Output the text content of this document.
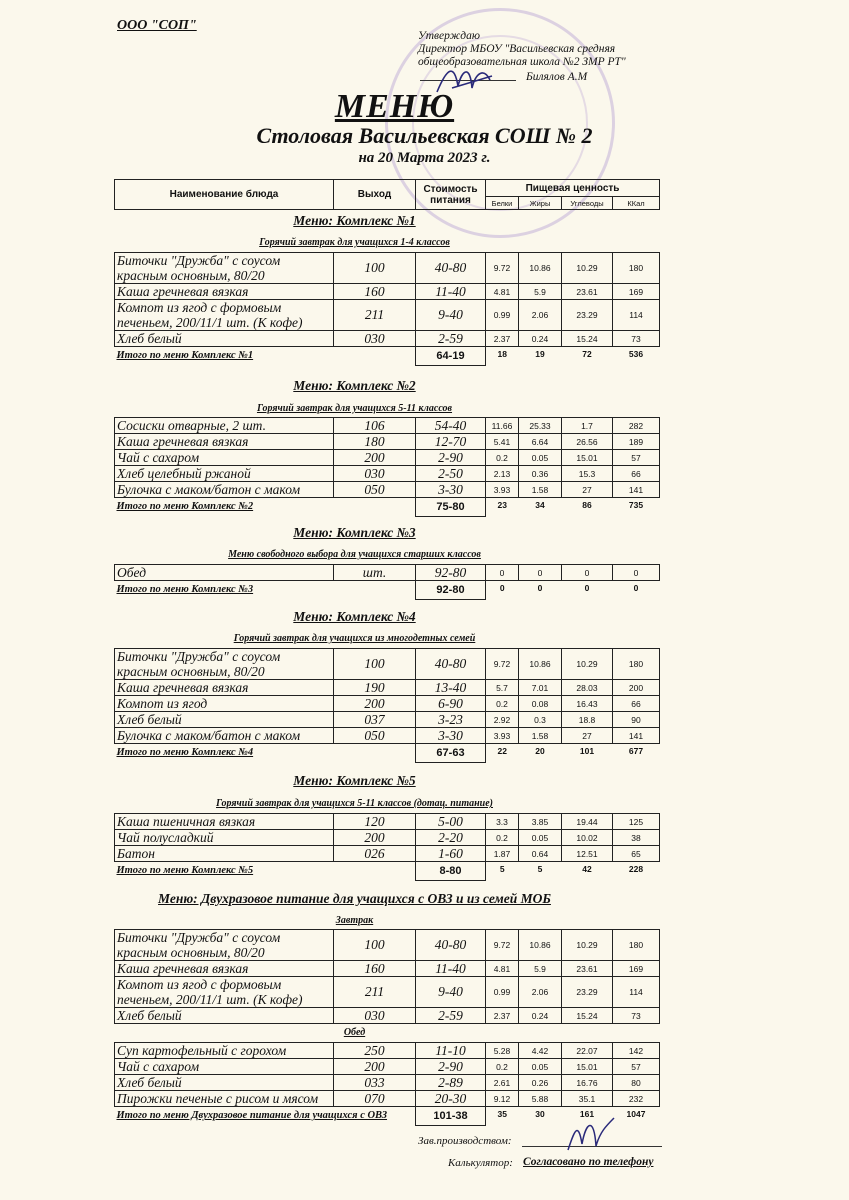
ООО "СОП"
Утверждаю
Директор МБОУ "Васильевская средняя
общеобразовательная школа №2 ЗМР РТ"
Билялов А.М
МЕНЮ
Столовая Васильевская СОШ № 2
на 20 Марта 2023 г.
Наименование блюда	Выход	Стоимость питания	Пищевая ценность			
			Белки	Жиры	Углеводы	ККал
Меню: Комплекс №1
Горячий завтрак для учащихся 1-4 классов
Биточки "Дружба" с соусом красным основным, 80/20	100	40-80	9.72	10.86	10.29	180
Каша гречневая вязкая	160	11-40	4.81	5.9	23.61	169
Компот из ягод с формовым печеньем, 200/11/1 шт. (К кофе)	211	9-40	0.99	2.06	23.29	114
Хлеб белый	030	2-59	2.37	0.24	15.24	73
Итого по меню Комплекс №1		64-19	18	19	72	536
Меню: Комплекс №2
Горячий завтрак для учащихся 5-11 классов
Сосиски отварные, 2 шт.	106	54-40	11.66	25.33	1.7	282
Каша гречневая вязкая	180	12-70	5.41	6.64	26.56	189
Чай с сахаром	200	2-90	0.2	0.05	15.01	57
Хлеб целебный ржаной	030	2-50	2.13	0.36	15.3	66
Булочка с маком/батон с маком	050	3-30	3.93	1.58	27	141
Итого по меню Комплекс №2		75-80	23	34	86	735
Меню: Комплекс №3
Меню свободного выбора для учащихся старших классов
Обед	шт.	92-80	0	0	0	0
Итого по меню Комплекс №3		92-80	0	0	0	0
Меню: Комплекс №4
Горячий завтрак для учащихся из многодетных семей
Биточки "Дружба" с соусом красным основным, 80/20	100	40-80	9.72	10.86	10.29	180
Каша гречневая вязкая	190	13-40	5.7	7.01	28.03	200
Компот из ягод	200	6-90	0.2	0.08	16.43	66
Хлеб белый	037	3-23	2.92	0.3	18.8	90
Булочка с маком/батон с маком	050	3-30	3.93	1.58	27	141
Итого по меню Комплекс №4		67-63	22	20	101	677
Меню: Комплекс №5
Горячий завтрак для учащихся 5-11 классов (дотац. питание)
Каша пшеничная вязкая	120	5-00	3.3	3.85	19.44	125
Чай полусладкий	200	2-20	0.2	0.05	10.02	38
Батон	026	1-60	1.87	0.64	12.51	65
Итого по меню Комплекс №5		8-80	5	5	42	228
Меню: Двухразовое питание для учащихся с ОВЗ и из семей МОБ
Завтрак
Биточки "Дружба" с соусом красным основным, 80/20	100	40-80	9.72	10.86	10.29	180
Каша гречневая вязкая	160	11-40	4.81	5.9	23.61	169
Компот из ягод с формовым печеньем, 200/11/1 шт. (К кофе)	211	9-40	0.99	2.06	23.29	114
Хлеб белый	030	2-59	2.37	0.24	15.24	73
Обед
Суп картофельный с горохом	250	11-10	5.28	4.42	22.07	142
Чай с сахаром	200	2-90	0.2	0.05	15.01	57
Хлеб белый	033	2-89	2.61	0.26	16.76	80
Пирожки печеные с рисом и мясом	070	20-30	9.12	5.88	35.1	232
Итого по меню Двухразовое питание для учащихся с ОВЗ		101-38	35	30	161	1047
Зав.производством:
Калькулятор: Согласовано по телефону
